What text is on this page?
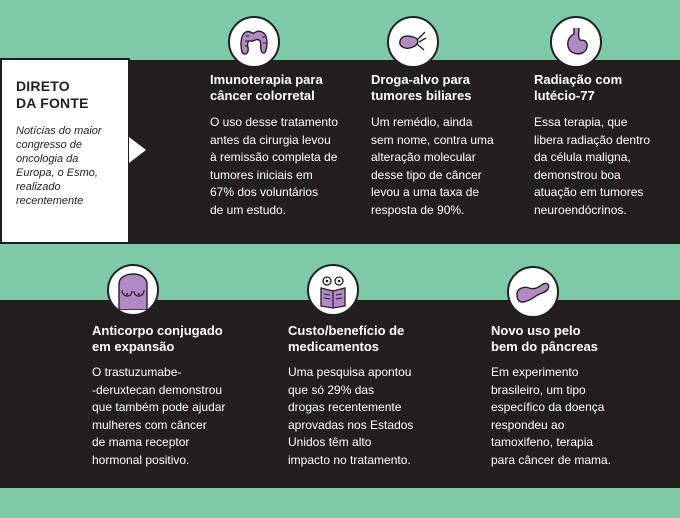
DIRETO
DA FONTE

Notícias do maior congresso de oncologia da Europa, o Esmo, realizado recentemente

Imunoterapia para
câncer colorretal

O uso desse tratamento
antes da cirurgia levou
à remissão completa de
tumores iniciais em
67% dos voluntários
de um estudo.

Droga-alvo para
tumores biliares

Um remédio, ainda
sem nome, contra uma
alteração molecular
desse tipo de câncer
levou a uma taxa de
resposta de 90%.

Radiação com
lutécio-77

Essa terapia, que
libera radiação dentro
da célula maligna,
demonstrou boa
atuação em tumores
neuroendócrinos.

Anticorpo conjugado
em expansão

O trastuzumabe-
-deruxtecan demonstrou
que também pode ajudar
mulheres com câncer
de mama receptor
hormonal positivo.

Custo/benefício de
medicamentos

Uma pesquisa apontou
que só 29% das
drogas recentemente
aprovadas nos Estados
Unidos têm alto
impacto no tratamento.

Novo uso pelo
bem do pâncreas

Em experimento
brasileiro, um tipo
específico da doença
respondeu ao
tamoxifeno, terapia
para câncer de mama.
